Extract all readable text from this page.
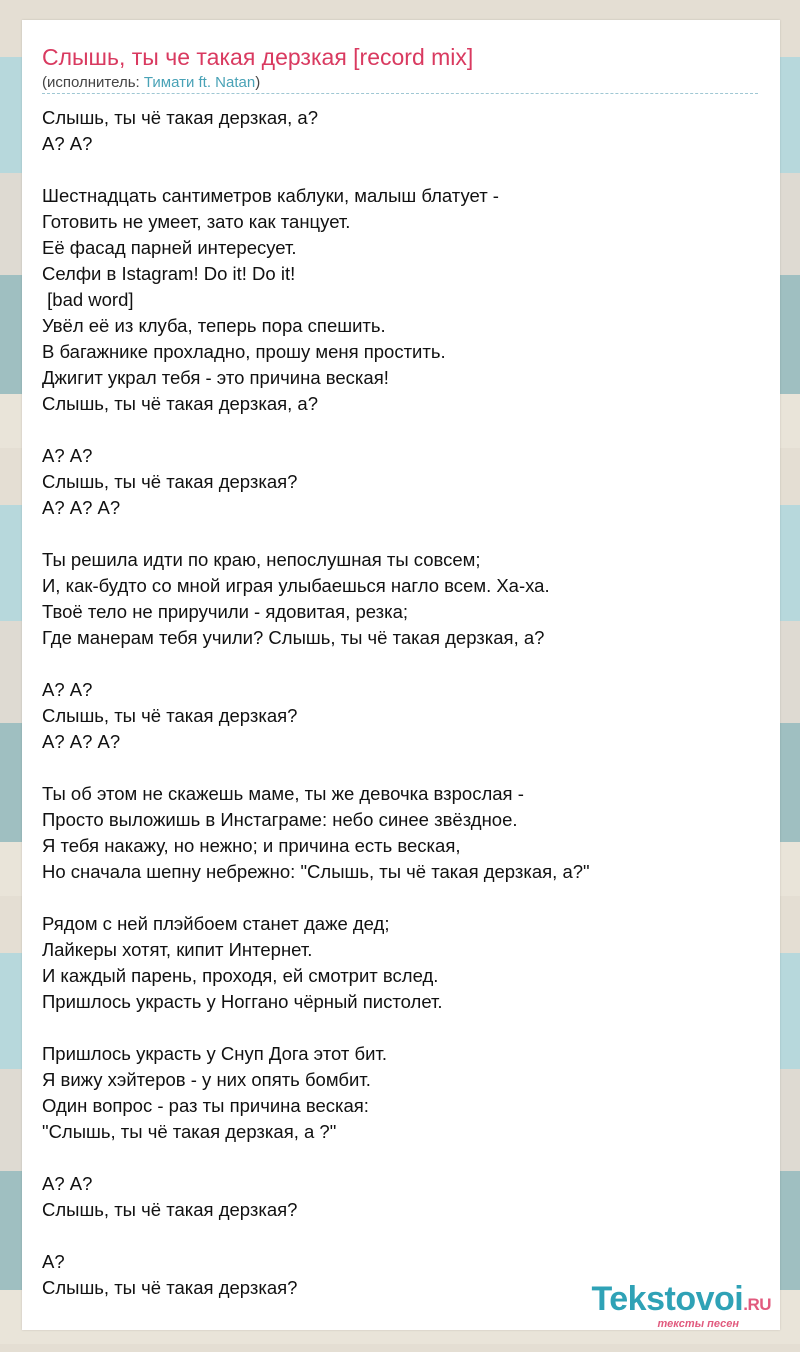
Слышь, ты че такая дерзкая [record mix]
(исполнитель: Тимати ft. Natan)
Слышь, ты чё такая дерзкая, а?
А? А?
Шестнадцать сантиметров каблуки, малыш блатует -
Готовить не умеет, зато как танцует.
Её фасад парней интересует.
Селфи в Istagram! Do it! Do it!
[bad word]
Увёл её из клуба, теперь пора спешить.
В багажнике прохладно, прошу меня простить.
Джигит украл тебя - это причина веская!
Слышь, ты чё такая дерзкая, а?
А? А?
Слышь, ты чё такая дерзкая?
А? А? А?
Ты решила идти по краю, непослушная ты совсем;
И, как-будто со мной играя улыбаешься нагло всем. Ха-ха.
Твоё тело не приручили - ядовитая, резка;
Где манерам тебя учили? Слышь, ты чё такая дерзкая, а?
А? А?
Слышь, ты чё такая дерзкая?
А? А? А?
Ты об этом не скажешь маме, ты же девочка взрослая -
Просто выложишь в Инстаграме: небо синее звёздное.
Я тебя накажу, но нежно; и причина есть веская,
Но сначала шепну небрежно: "Слышь, ты чё такая дерзкая, а?"
Рядом с ней плэйбоем станет даже дед;
Лайкеры хотят, кипит Интернет.
И каждый парень, проходя, ей смотрит вслед.
Пришлось украсть у Ноггано чёрный пистолет.
Пришлось украсть у Снуп Дога этот бит.
Я вижу хэйтеров - у них опять бомбит.
Один вопрос - раз ты причина веская:
"Слышь, ты чё такая дерзкая, а ?"
А? А?
Слышь, ты чё такая дерзкая?
А?
Слышь, ты чё такая дерзкая?	Tekstovoi.RU
тексты песен
